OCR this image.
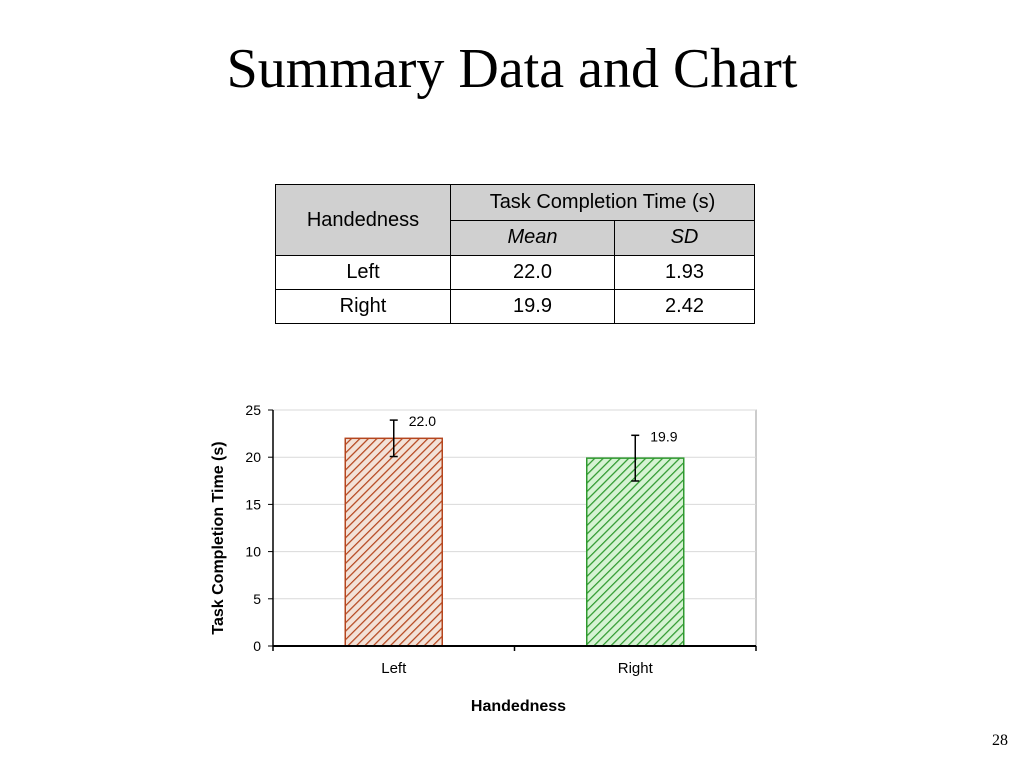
Summary Data and Chart
Handedness	Task Completion Time (s)	
	Mean	SD
Left	22.0	1.93
Right	19.9	2.42
0
5
10
15
20
25
22.0
Left
19.9
Right
Handedness
Task Completion Time (s)
28
